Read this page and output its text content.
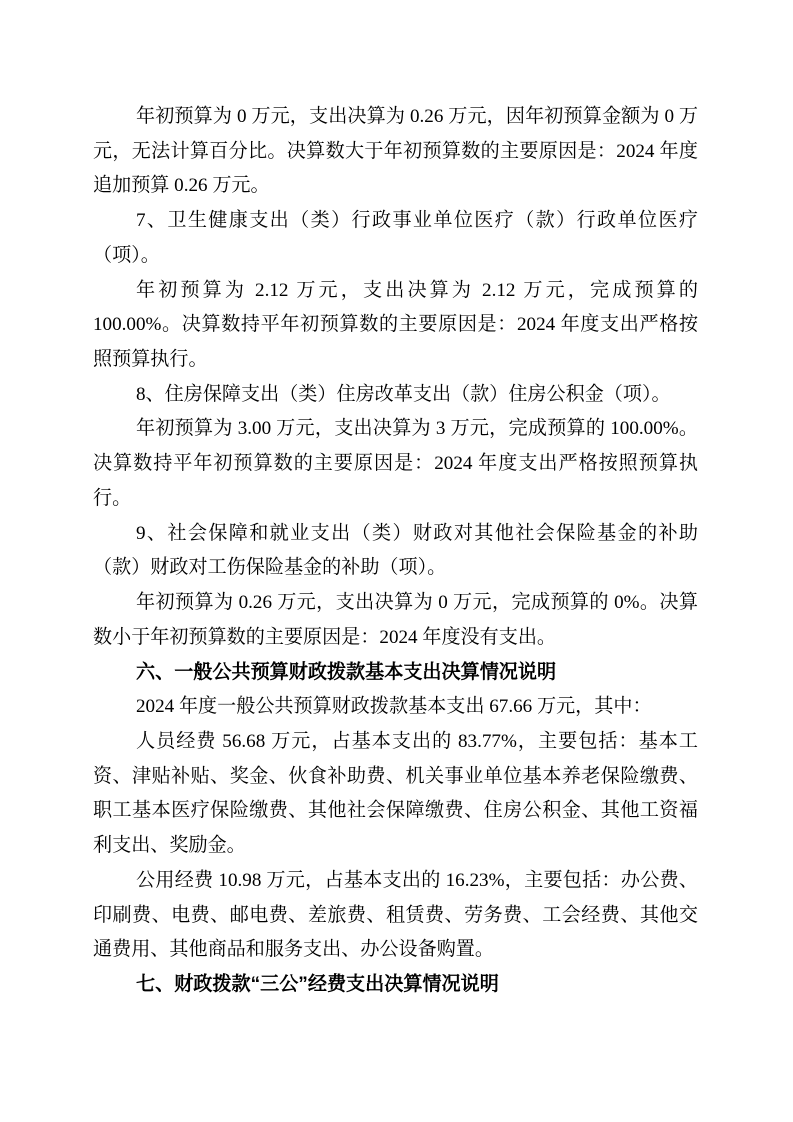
年初预算为 0 万元，支出决算为 0.26 万元，因年初预算金额为 0 万元，无法计算百分比。决算数大于年初预算数的主要原因是：2024 年度追加预算 0.26 万元。

7、卫生健康支出（类）行政事业单位医疗（款）行政单位医疗（项）。

年初预算为 2.12 万元，支出决算为 2.12 万元，完成预算的 100.00%。决算数持平年初预算数的主要原因是：2024 年度支出严格按照预算执行。

8、住房保障支出（类）住房改革支出（款）住房公积金（项）。

年初预算为 3.00 万元，支出决算为 3 万元，完成预算的 100.00%。决算数持平年初预算数的主要原因是：2024 年度支出严格按照预算执行。

9、社会保障和就业支出（类）财政对其他社会保险基金的补助（款）财政对工伤保险基金的补助（项）。

年初预算为 0.26 万元，支出决算为 0 万元，完成预算的 0%。决算数小于年初预算数的主要原因是：2024 年度没有支出。

六、一般公共预算财政拨款基本支出决算情况说明

2024 年度一般公共预算财政拨款基本支出 67.66 万元，其中：

人员经费 56.68 万元，占基本支出的 83.77%，主要包括：基本工资、津贴补贴、奖金、伙食补助费、机关事业单位基本养老保险缴费、职工基本医疗保险缴费、其他社会保障缴费、住房公积金、其他工资福利支出、奖励金。

公用经费 10.98 万元，占基本支出的 16.23%，主要包括：办公费、印刷费、电费、邮电费、差旅费、租赁费、劳务费、工会经费、其他交通费用、其他商品和服务支出、办公设备购置。

七、财政拨款“三公”经费支出决算情况说明
